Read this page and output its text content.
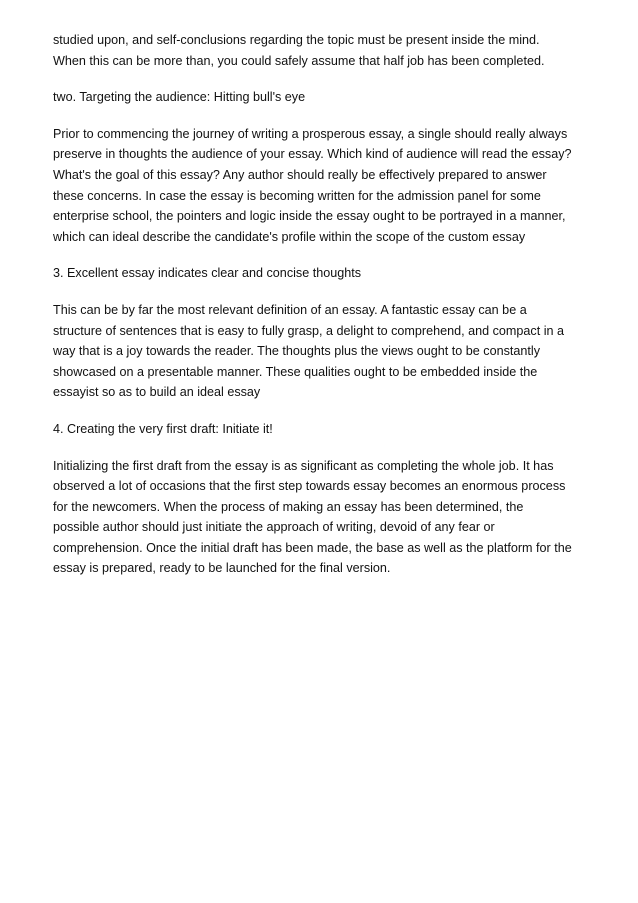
studied upon, and self-conclusions regarding the topic must be present inside the mind.
When this can be more than, you could safely assume that half job has been completed.
two. Targeting the audience: Hitting bull's eye
Prior to commencing the journey of writing a prosperous essay, a single should really always
preserve in thoughts the audience of your essay. Which kind of audience will read the essay?
What's the goal of this essay? Any author should really be effectively prepared to answer
these concerns. In case the essay is becoming written for the admission panel for some
enterprise school, the pointers and logic inside the essay ought to be portrayed in a manner,
which can ideal describe the candidate's profile within the scope of the custom essay
3. Excellent essay indicates clear and concise thoughts
This can be by far the most relevant definition of an essay. A fantastic essay can be a
structure of sentences that is easy to fully grasp, a delight to comprehend, and compact in a
way that is a joy towards the reader. The thoughts plus the views ought to be constantly
showcased on a presentable manner. These qualities ought to be embedded inside the
essayist so as to build an ideal essay
4. Creating the very first draft: Initiate it!
Initializing the first draft from the essay is as significant as completing the whole job. It has
observed a lot of occasions that the first step towards essay becomes an enormous process
for the newcomers. When the process of making an essay has been determined, the
possible author should just initiate the approach of writing, devoid of any fear or
comprehension. Once the initial draft has been made, the base as well as the platform for the
essay is prepared, ready to be launched for the final version.
